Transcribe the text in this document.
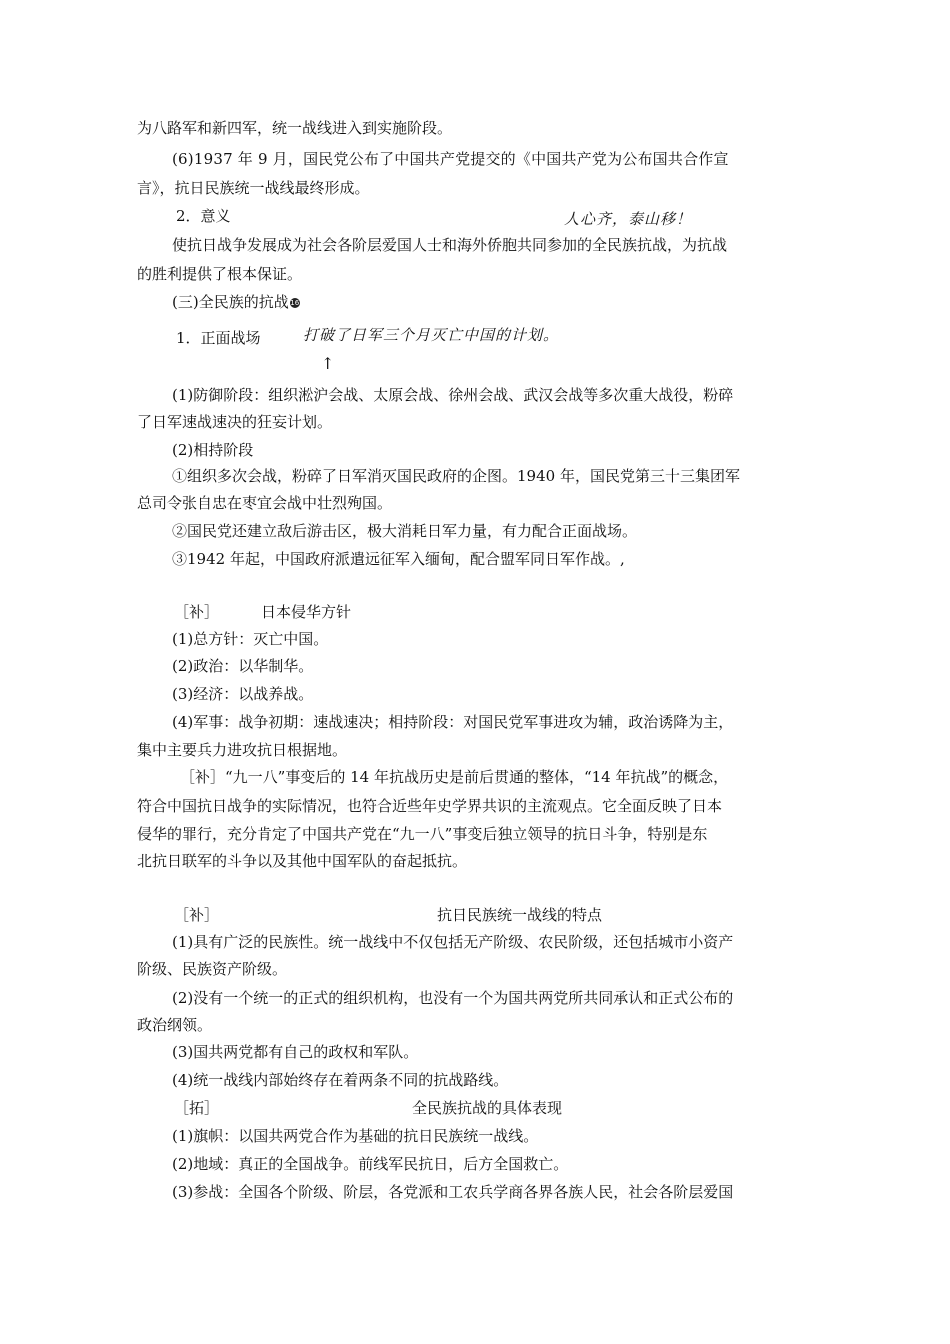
为八路军和新四军，统一战线进入到实施阶段。
(6)1937 年 9 月，国民党公布了中国共产党提交的《中国共产党为公布国共合作宣
言》，抗日民族统一战线最终形成。
2．意义	人心齐，泰山移！
使抗日战争发展成为社会各阶层爱国人士和海外侨胞共同参加的全民族抗战，为抗战
的胜利提供了根本保证。
(三)全民族的抗战 16
1．正面战场	打破了日军三个月灭亡中国的计划。
↑
(1)防御阶段：组织淞沪会战、太原会战、徐州会战、武汉会战等多次重大战役，粉碎
了日军速战速决的狂妄计划。
(2)相持阶段
①组织多次会战，粉碎了日军消灭国民政府的企图。1940 年，国民党第三十三集团军
总司令张自忠在枣宜会战中壮烈殉国。
②国民党还建立敌后游击区，极大消耗日军力量，有力配合正面战场。
③1942 年起，中国政府派遣远征军入缅甸，配合盟军同日军作战。,
［补］	日本侵华方针
(1)总方针：灭亡中国。
(2)政治：以华制华。
(3)经济：以战养战。
(4)军事：战争初期：速战速决；相持阶段：对国民党军事进攻为辅，政治诱降为主，
集中主要兵力进攻抗日根据地。
［补］“九一八”事变后的 14 年抗战历史是前后贯通的整体，“14 年抗战”的概念，
符合中国抗日战争的实际情况，也符合近些年史学界共识的主流观点。它全面反映了日本
侵华的罪行，充分肯定了中国共产党在“九一八”事变后独立领导的抗日斗争，特别是东
北抗日联军的斗争以及其他中国军队的奋起抵抗。
［补］	抗日民族统一战线的特点
(1)具有广泛的民族性。统一战线中不仅包括无产阶级、农民阶级，还包括城市小资产
阶级、民族资产阶级。
(2)没有一个统一的正式的组织机构，也没有一个为国共两党所共同承认和正式公布的
政治纲领。
(3)国共两党都有自己的政权和军队。
(4)统一战线内部始终存在着两条不同的抗战路线。
［拓］	全民族抗战的具体表现
(1)旗帜：以国共两党合作为基础的抗日民族统一战线。
(2)地域：真正的全国战争。前线军民抗日，后方全国救亡。
(3)参战：全国各个阶级、阶层，各党派和工农兵学商各界各族人民，社会各阶层爱国
